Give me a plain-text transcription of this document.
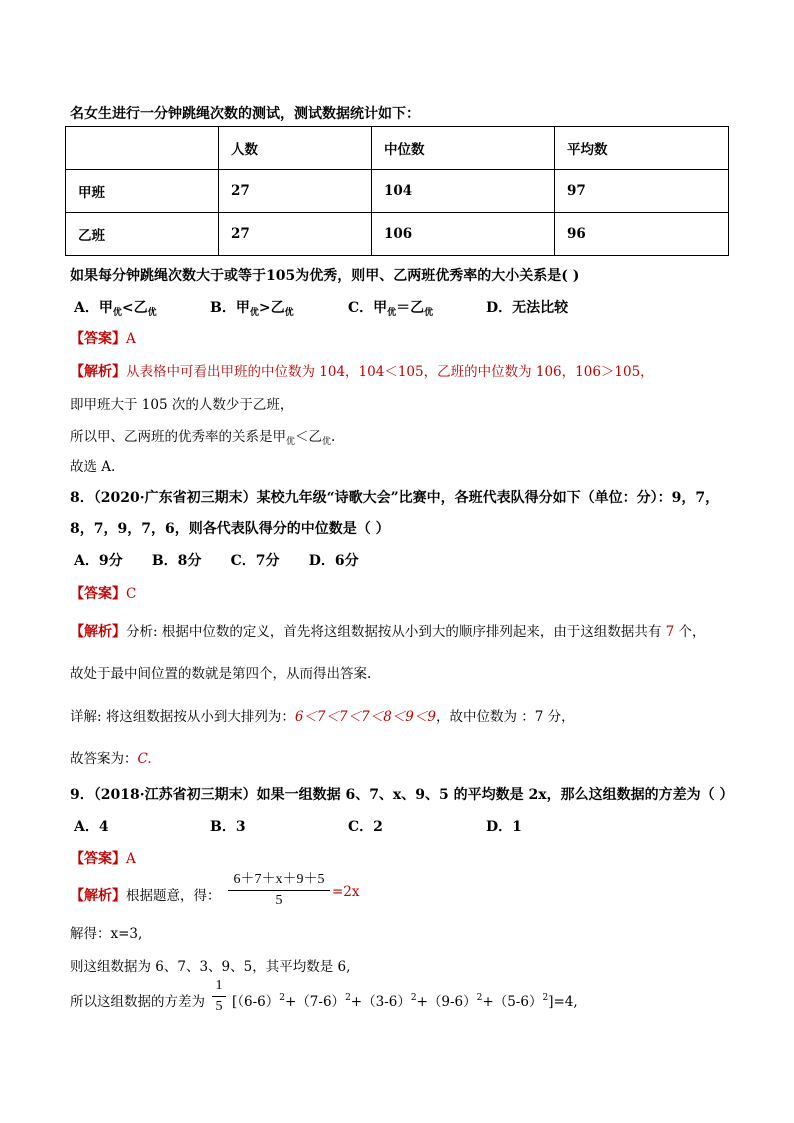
名女生进行一分钟跳绳次数的测试，测试数据统计如下：
	人数	中位数	平均数
甲班	27	104	97
乙班	27	106	96
如果每分钟跳绳次数大于或等于105为优秀，则甲、乙两班优秀率的大小关系是( )
A．甲$_优$<乙$_优$	B．甲$_优$>乙$_优$	C．甲$_优$＝乙$_优$	D．无法比较
【答案】A
【解析】从表格中可看出甲班的中位数为 104，104＜105，乙班的中位数为 106，106＞105，
即甲班大于 105 次的人数少于乙班，
所以甲、乙两班的优秀率的关系是甲$_优$＜乙$_优$.
故选 A.
8．（2020·广东省初三期末）某校九年级“诗歌大会”比赛中，各班代表队得分如下（单位：分）：9，7，
8，7，9，7，6，则各代表队得分的中位数是（ ）
A．9分      B．8分      C．7分      D．6分
【答案】C
【解析】分析: 根据中位数的定义，首先将这组数据按从小到大的顺序排列起来，由于这组数据共有 7 个，
故处于最中间位置的数就是第四个，从而得出答案.
详解: 将这组数据按从小到大排列为：6＜7＜7＜7＜8＜9＜9，故中位数为 ：7 分，
故答案为：C.
9．（2018·江苏省初三期末）如果一组数据 6、7、x、9、5 的平均数是 2x，那么这组数据的方差为（ ）
A．4	B．3	C．2	D．1
【答案】A
【解析】根据题意，得：
6＋7＋x＋9＋5
5
=2x
解得：x=3,
则这组数据为 6、7、3、9、5，其平均数是 6,
所以这组数据的方差为
1
5 $[(6-6)^2+(7-6)^2+(3-6)^2+(9-6)^2+(5-6)^2]=4$,
